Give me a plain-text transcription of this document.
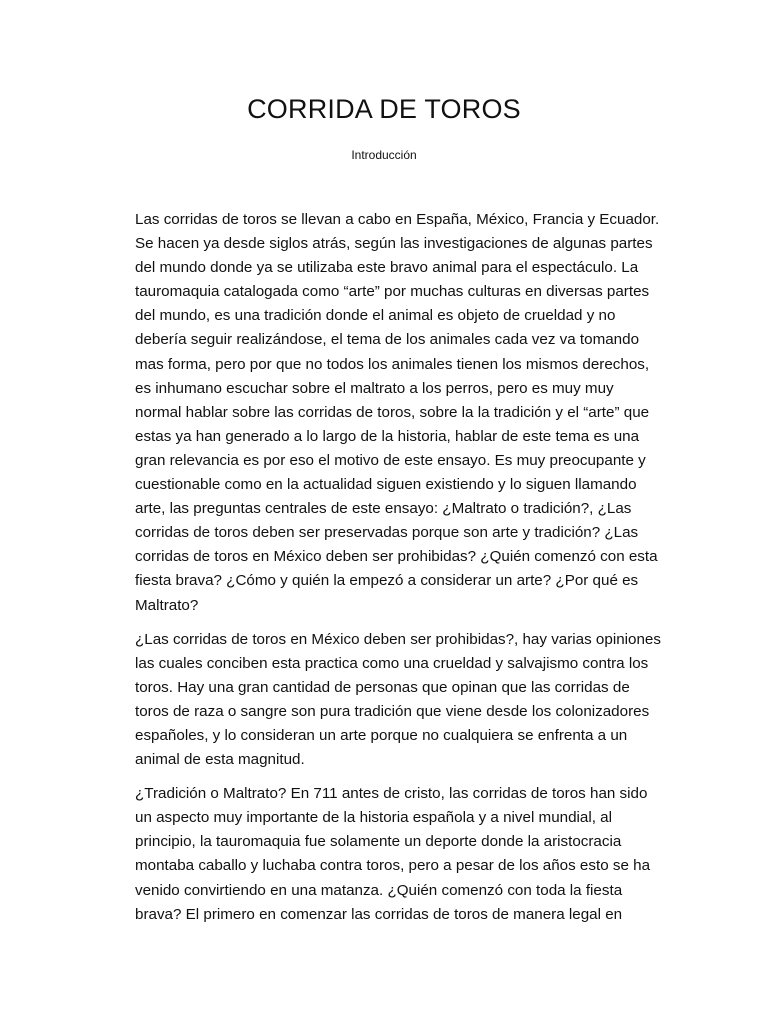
CORRIDA DE TOROS
Introducción

Las corridas de toros se llevan a cabo en España, México, Francia y Ecuador.
Se hacen ya desde siglos atrás, según las investigaciones de algunas partes
del mundo donde ya se utilizaba este bravo animal para el espectáculo. La
tauromaquia catalogada como “arte” por muchas culturas en diversas partes
del mundo, es una tradición donde el animal es objeto de crueldad y no
debería seguir realizándose, el tema de los animales cada vez va tomando
mas forma, pero por que no todos los animales tienen los mismos derechos,
es inhumano escuchar sobre el maltrato a los perros, pero es muy muy
normal hablar sobre las corridas de toros, sobre la la tradición y el “arte” que
estas ya han generado a lo largo de la historia, hablar de este tema es una
gran relevancia es por eso el motivo de este ensayo. Es muy preocupante y
cuestionable como en la actualidad siguen existiendo y lo siguen llamando
arte, las preguntas centrales de este ensayo: ¿Maltrato o tradición?, ¿Las
corridas de toros deben ser preservadas porque son arte y tradición? ¿Las
corridas de toros en México deben ser prohibidas? ¿Quién comenzó con esta
fiesta brava? ¿Cómo y quién la empezó a considerar un arte? ¿Por qué es
Maltrato?

¿Las corridas de toros en México deben ser prohibidas?, hay varias opiniones
las cuales conciben esta practica como una crueldad y salvajismo contra los
toros. Hay una gran cantidad de personas que opinan que las corridas de
toros de raza o sangre son pura tradición que viene desde los colonizadores
españoles, y lo consideran un arte porque no cualquiera se enfrenta a un
animal de esta magnitud.

¿Tradición o Maltrato? En 711 antes de cristo, las corridas de toros han sido
un aspecto muy importante de la historia española y a nivel mundial, al
principio, la tauromaquia fue solamente un deporte donde la aristocracia
montaba caballo y luchaba contra toros, pero a pesar de los años esto se ha
venido convirtiendo en una matanza. ¿Quién comenzó con toda la fiesta
brava? El primero en comenzar las corridas de toros de manera legal en
